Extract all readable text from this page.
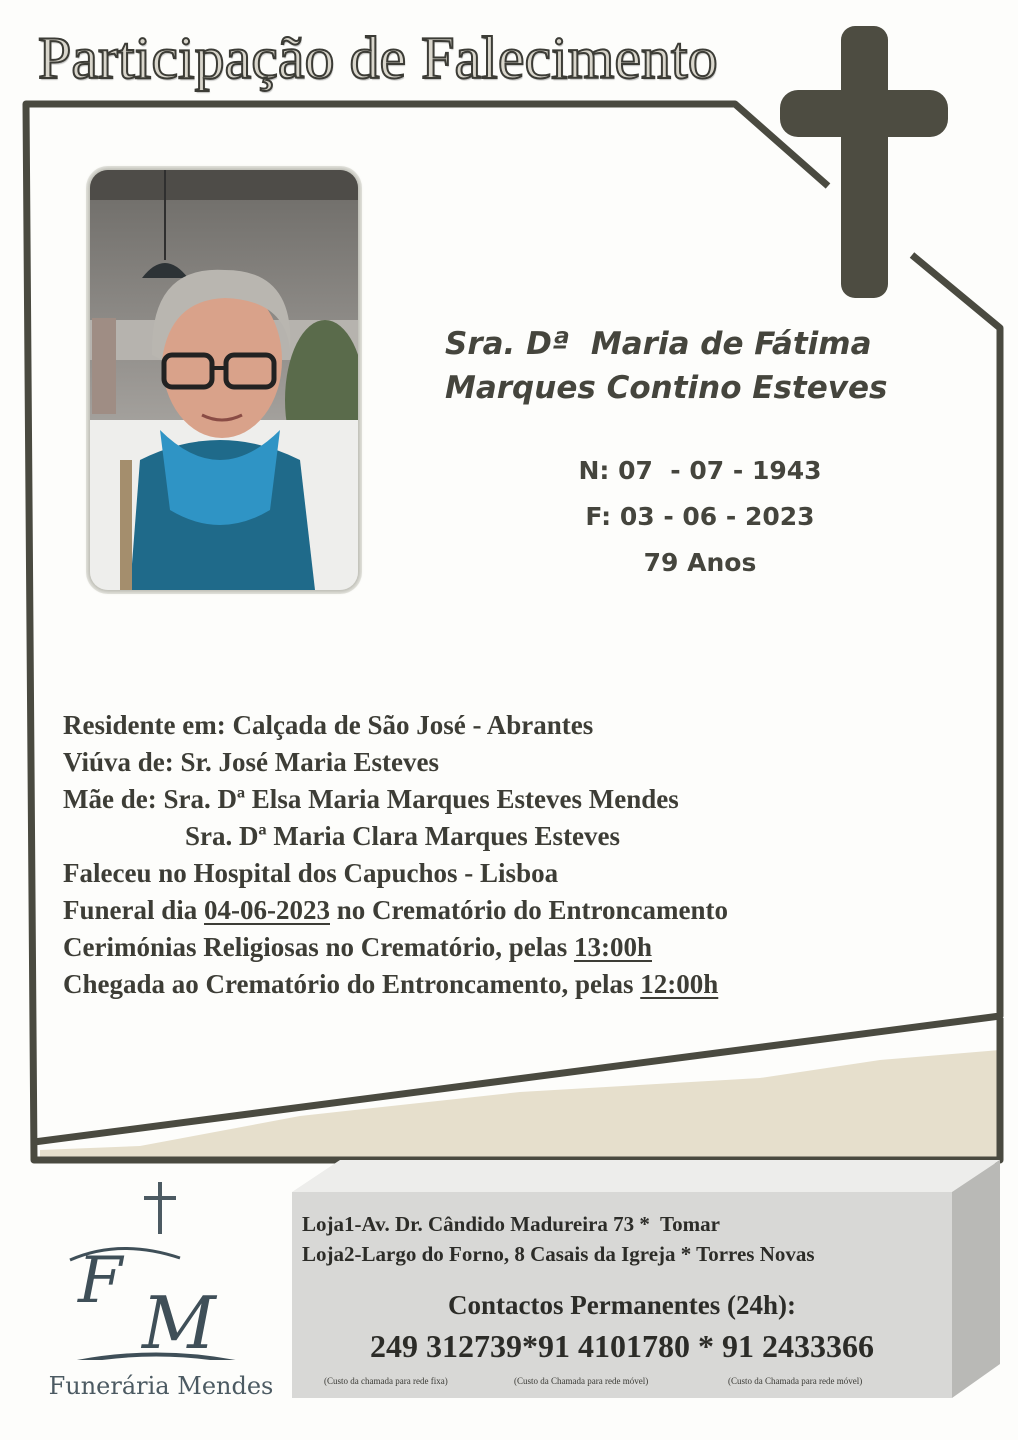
Participação de Falecimento
Sra. Dª  Maria de Fátima
Marques Contino Esteves
N: 07  - 07 - 1943
F: 03 - 06 - 2023
79 Anos
Residente em: Calçada de São José - Abrantes
Viúva de: Sr. José Maria Esteves
Mãe de: Sra. Dª Elsa Maria Marques Esteves Mendes
Sra. Dª Maria Clara Marques Esteves
Faleceu no Hospital dos Capuchos - Lisboa
Funeral dia 04-06-2023 no Crematório do Entroncamento
Cerimónias Religiosas no Crematório, pelas 13:00h
Chegada ao Crematório do Entroncamento, pelas 12:00h
F M
Funerária Mendes
Loja1-Av. Dr. Cândido Madureira 73 *  Tomar
Loja2-Largo do Forno, 8 Casais da Igreja * Torres Novas
Contactos Permanentes (24h):
249 312739*91 4101780 * 91 2433366
(Custo da chamada para rede fixa)	(Custo da Chamada para rede móvel)	(Custo da Chamada para rede móvel)
